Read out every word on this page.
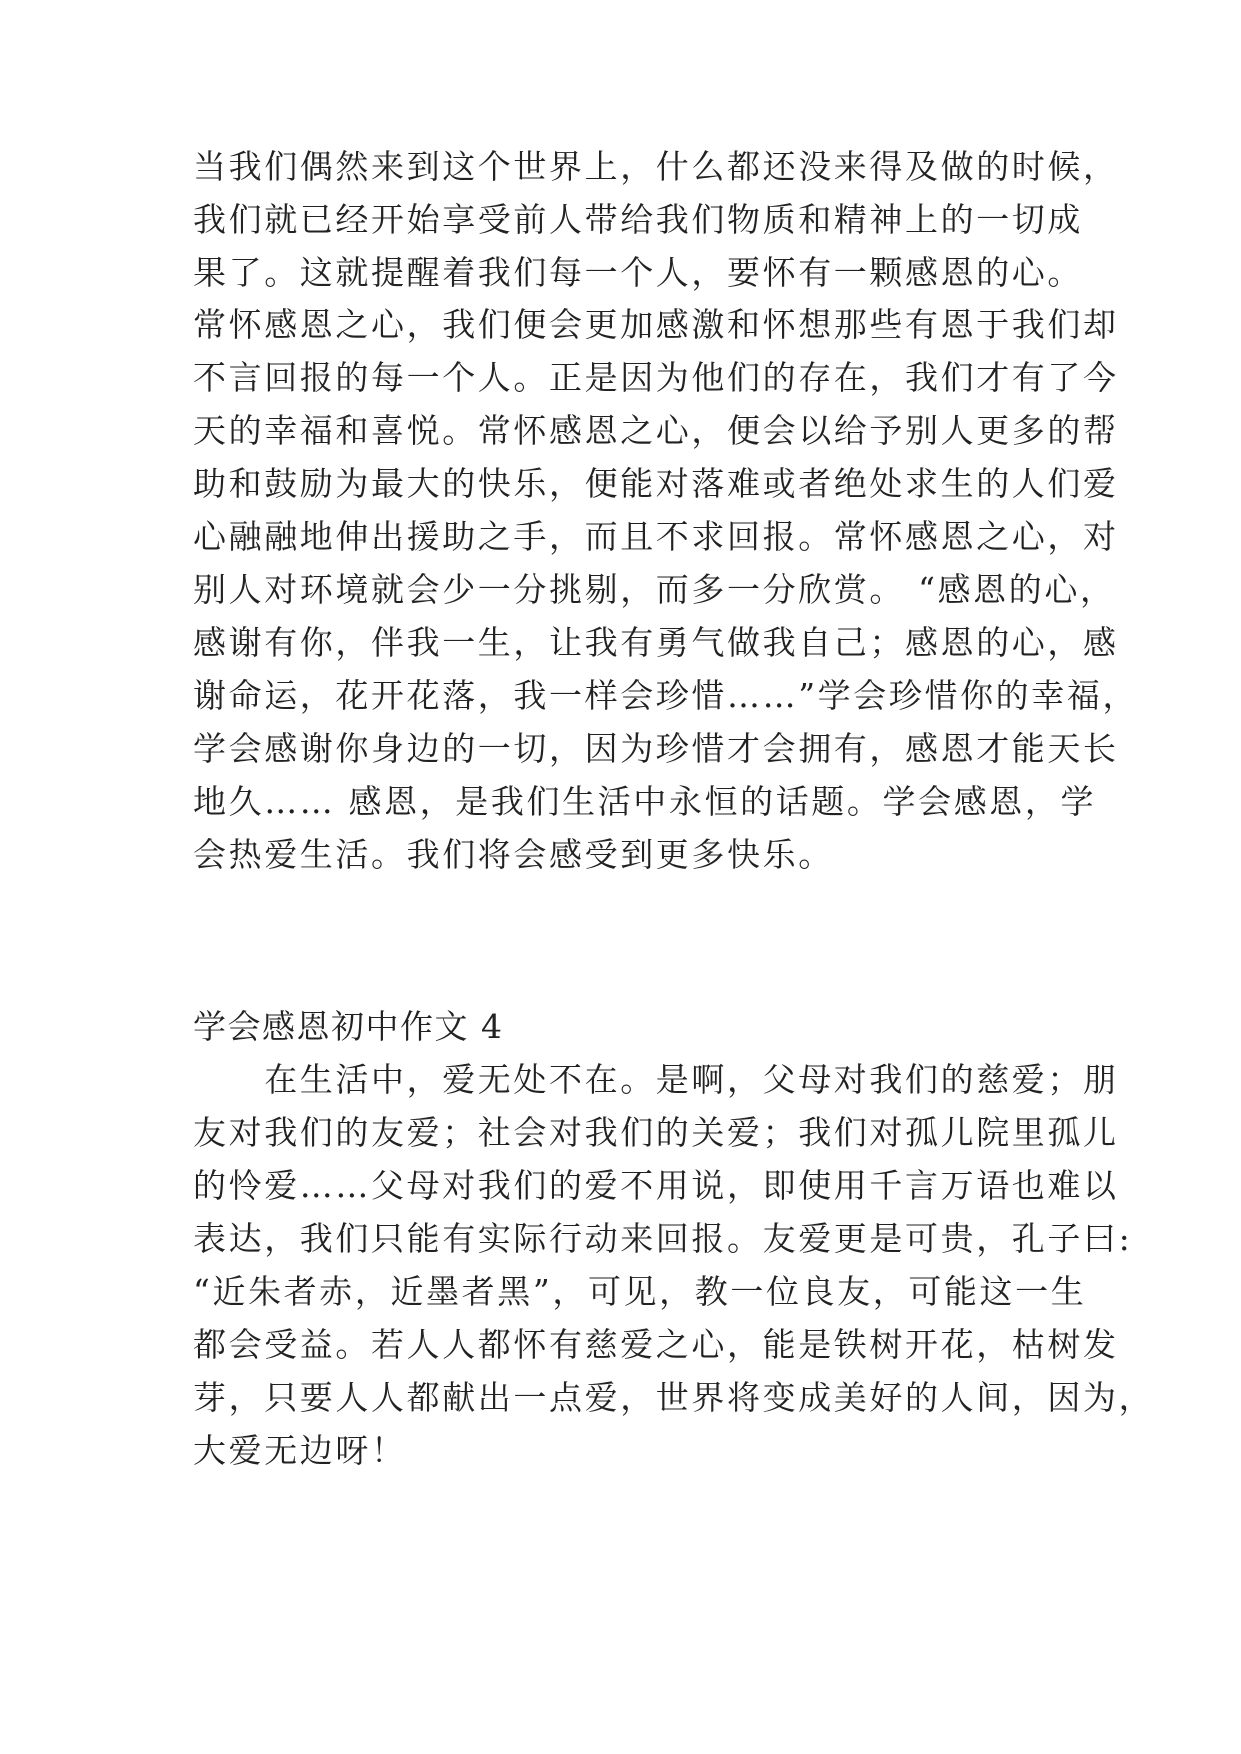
当我们偶然来到这个世界上，什么都还没来得及做的时候，
我们就已经开始享受前人带给我们物质和精神上的一切成
果了。这就提醒着我们每一个人，要怀有一颗感恩的心。
常怀感恩之心，我们便会更加感激和怀想那些有恩于我们却
不言回报的每一个人。正是因为他们的存在，我们才有了今
天的幸福和喜悦。常怀感恩之心，便会以给予别人更多的帮
助和鼓励为最大的快乐，便能对落难或者绝处求生的人们爱
心融融地伸出援助之手，而且不求回报。常怀感恩之心，对
别人对环境就会少一分挑剔，而多一分欣赏。 “感恩的心，
感谢有你，伴我一生，让我有勇气做我自己；感恩的心，感
谢命运，花开花落，我一样会珍惜……”学会珍惜你的幸福，
学会感谢你身边的一切，因为珍惜才会拥有，感恩才能天长
地久…… 感恩，是我们生活中永恒的话题。学会感恩，学
会热爱生活。我们将会感受到更多快乐。
学会感恩初中作文 4
　　在生活中，爱无处不在。是啊，父母对我们的慈爱；朋
友对我们的友爱；社会对我们的关爱；我们对孤儿院里孤儿
的怜爱……父母对我们的爱不用说，即使用千言万语也难以
表达，我们只能有实际行动来回报。友爱更是可贵，孔子曰:
“近朱者赤，近墨者黑”，可见，教一位良友，可能这一生
都会受益。若人人都怀有慈爱之心，能是铁树开花，枯树发
芽，只要人人都献出一点爱，世界将变成美好的人间，因为，
大爱无边呀！
